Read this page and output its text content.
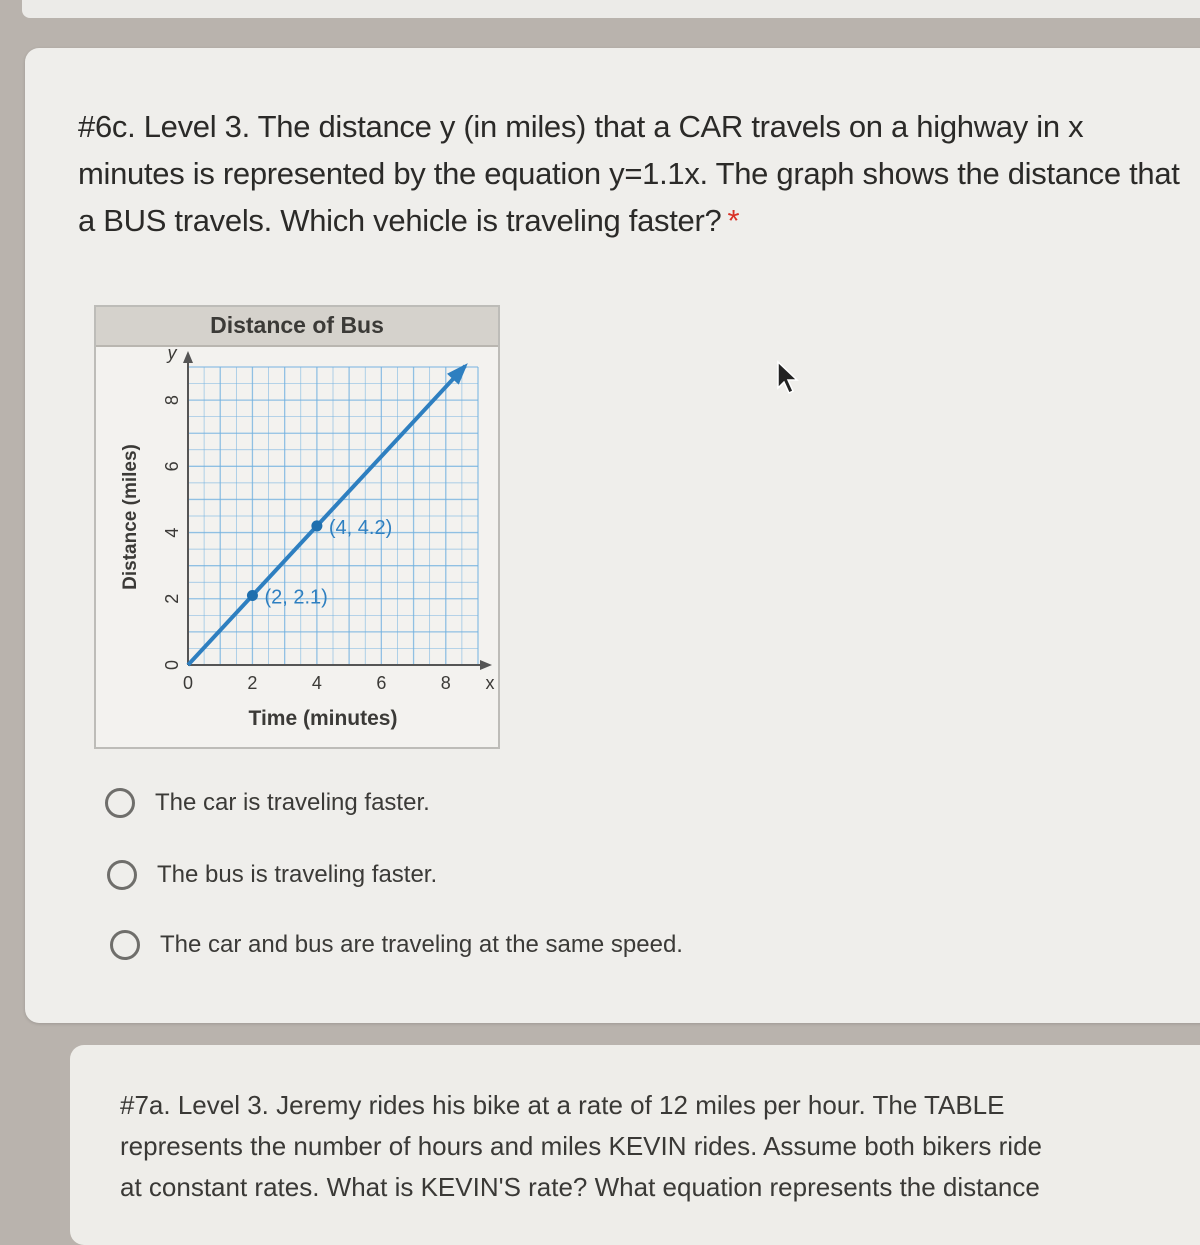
#6c. Level 3. The distance y (in miles) that a CAR travels on a highway in x
minutes is represented by the equation y=1.1x. The graph shows the distance that
a BUS travels. Which vehicle is traveling faster? *
Distance of Bus
0	2	4	6	8 x
0
2
4
6
8
y
Time (minutes)
Distance (miles)
(2, 2.1)
(4, 4.2)
The car is traveling faster.
The bus is traveling faster.
The car and bus are traveling at the same speed.
#7a. Level 3. Jeremy rides his bike at a rate of 12 miles per hour. The TABLE
represents the number of hours and miles KEVIN rides. Assume both bikers ride
at constant rates. What is KEVIN'S rate? What equation represents the distance
